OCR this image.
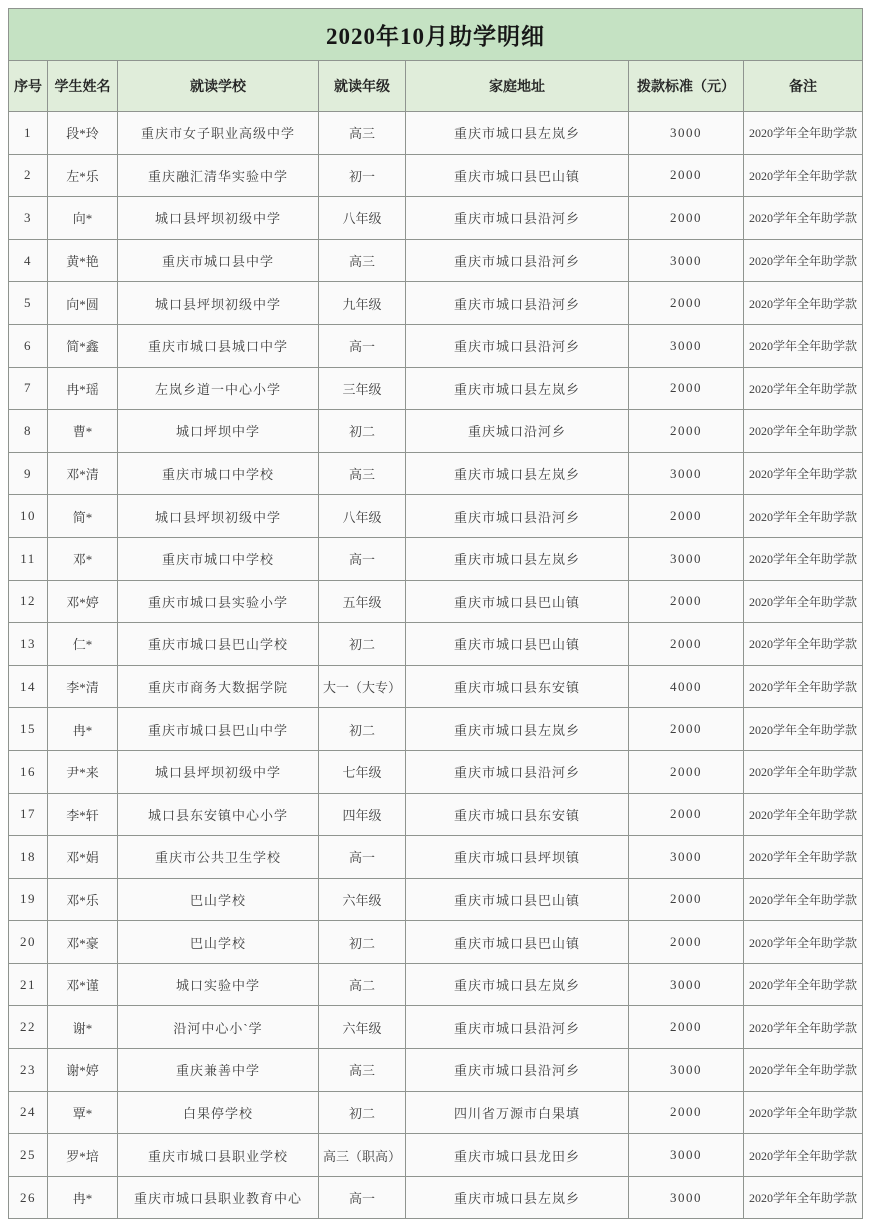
2020年10月助学明细						
序号	学生姓名	就读学校	就读年级	家庭地址	拨款标准（元）	备注
1	段*玲	重庆市女子职业高级中学	高三	重庆市城口县左岚乡	3000	2020学年全年助学款
2	左*乐	重庆融汇清华实验中学	初一	重庆市城口县巴山镇	2000	2020学年全年助学款
3	向*	城口县坪坝初级中学	八年级	重庆市城口县沿河乡	2000	2020学年全年助学款
4	黄*艳	重庆市城口县中学	高三	重庆市城口县沿河乡	3000	2020学年全年助学款
5	向*圆	城口县坪坝初级中学	九年级	重庆市城口县沿河乡	2000	2020学年全年助学款
6	简*鑫	重庆市城口县城口中学	高一	重庆市城口县沿河乡	3000	2020学年全年助学款
7	冉*瑶	左岚乡道一中心小学	三年级	重庆市城口县左岚乡	2000	2020学年全年助学款
8	曹*	城口坪坝中学	初二	重庆城口沿河乡	2000	2020学年全年助学款
9	邓*清	重庆市城口中学校	高三	重庆市城口县左岚乡	3000	2020学年全年助学款
10	简*	城口县坪坝初级中学	八年级	重庆市城口县沿河乡	2000	2020学年全年助学款
11	邓*	重庆市城口中学校	高一	重庆市城口县左岚乡	3000	2020学年全年助学款
12	邓*婷	重庆市城口县实验小学	五年级	重庆市城口县巴山镇	2000	2020学年全年助学款
13	仁*	重庆市城口县巴山学校	初二	重庆市城口县巴山镇	2000	2020学年全年助学款
14	李*清	重庆市商务大数据学院	大一（大专）	重庆市城口县东安镇	4000	2020学年全年助学款
15	冉*	重庆市城口县巴山中学	初二	重庆市城口县左岚乡	2000	2020学年全年助学款
16	尹*来	城口县坪坝初级中学	七年级	重庆市城口县沿河乡	2000	2020学年全年助学款
17	李*轩	城口县东安镇中心小学	四年级	重庆市城口县东安镇	2000	2020学年全年助学款
18	邓*娟	重庆市公共卫生学校	高一	重庆市城口县坪坝镇	3000	2020学年全年助学款
19	邓*乐	巴山学校	六年级	重庆市城口县巴山镇	2000	2020学年全年助学款
20	邓*豪	巴山学校	初二	重庆市城口县巴山镇	2000	2020学年全年助学款
21	邓*谨	城口实验中学	高二	重庆市城口县左岚乡	3000	2020学年全年助学款
22	谢*	沿河中心小`学	六年级	重庆市城口县沿河乡	2000	2020学年全年助学款
23	谢*婷	重庆兼善中学	高三	重庆市城口县沿河乡	3000	2020学年全年助学款
24	覃*	白果停学校	初二	四川省万源市白果填	2000	2020学年全年助学款
25	罗*培	重庆市城口县职业学校	高三（职高）	重庆市城口县龙田乡	3000	2020学年全年助学款
26	冉*	重庆市城口县职业教育中心	高一	重庆市城口县左岚乡	3000	2020学年全年助学款
